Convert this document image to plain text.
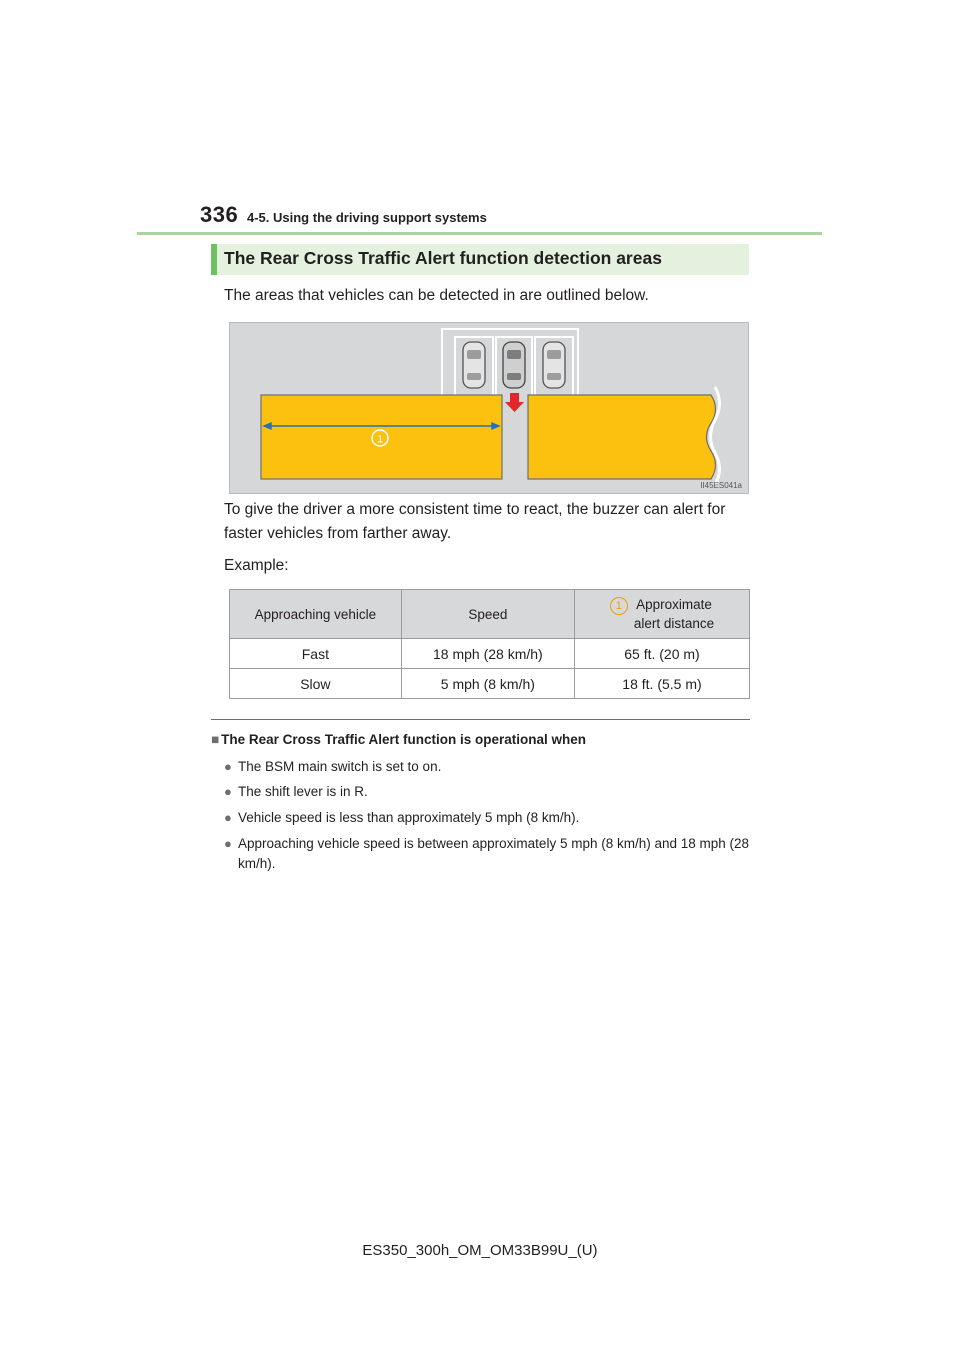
336 4-5. Using the driving support systems
The Rear Cross Traffic Alert function detection areas
The areas that vehicles can be detected in are outlined below.
1
II45ES041a
To give the driver a more consistent time to react, the buzzer can alert for faster vehicles from farther away.
Example:
Approaching vehicle	Speed	1 Approximate
alert distance

Fast	18 mph (28 km/h)	65 ft. (20 m)
Slow	5 mph (8 km/h)	18 ft. (5.5 m)
■ The Rear Cross Traffic Alert function is operational when
● The BSM main switch is set to on.
● The shift lever is in R.
● Vehicle speed is less than approximately 5 mph (8 km/h).
● Approaching vehicle speed is between approximately 5 mph (8 km/h) and 18 mph (28 km/h).
ES350_300h_OM_OM33B99U_(U)
